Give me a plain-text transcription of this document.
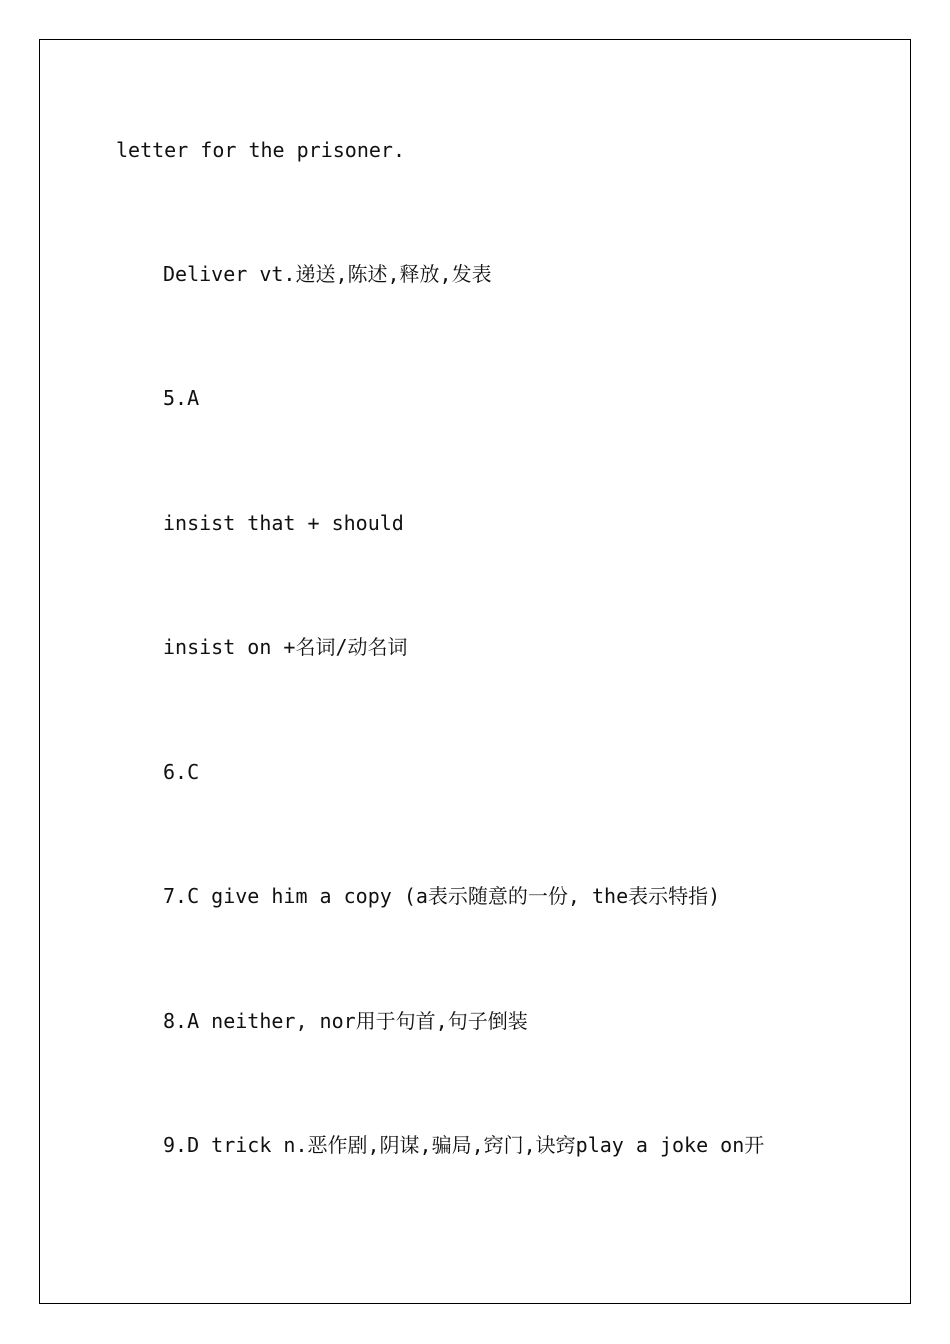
letter for the prisoner.
Deliver vt.递送,陈述,释放,发表
5.A
insist that + should
insist on +名词/动名词
6.C
7.C give him a copy (a表示随意的一份, the表示特指)
8.A neither, nor用于句首,句子倒装
9.D trick n.恶作剧,阴谋,骗局,窍门,诀窍play a joke on开
